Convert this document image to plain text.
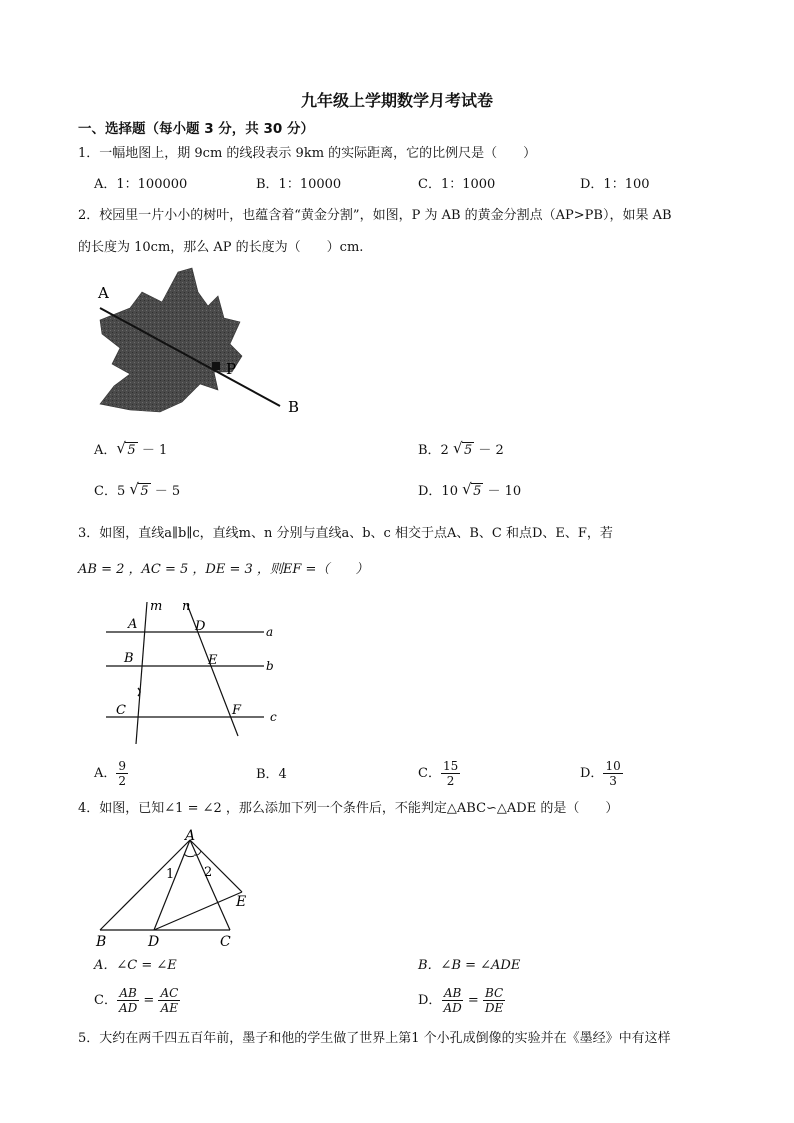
九年级上学期数学月考试卷
一、选择题（每小题 3 分，共 30 分）
1．一幅地图上，期 9cm 的线段表示 9km 的实际距离，它的比例尺是（　　）
A．1：100000	B．1：10000	C．1：1000	D．1：100
2．校园里一片小小的树叶，也蕴含着“黄金分割”，如图，P 为 AB 的黄金分割点（AP>PB），如果 AB
的长度为 10cm，那么 AP 的长度为（　　）cm.
A
P
B
A． √ 5 － 1	B．2 √ 5 － 2
C．5 √ 5 － 5	D．10 √ 5 － 10
3．如图，直线a∥b∥c，直线m、n 分别与直线a、b、c 相交于点A、B、C 和点D、E、F，若
AB = 2 ，AC = 5 ，DE = 3 ，则EF =（　　）
m n
A	D	a
B	E	b
C	F c
A． $\frac{9}{2}$	B．4	C． $\frac{15}{2}$	D． $\frac{10}{3}$
4．如图，已知∠1 = ∠2 ，那么添加下列一个条件后，不能判定△ABC∽△ADE 的是（　　）
A
B	D	C
E
1 2
A．∠C = ∠E	B．∠B = ∠ADE
C． $\frac{AB}{AD} = \frac{AC}{AE}$	D． $\frac{AB}{AD} = \frac{BC}{DE}$
5．大约在两千四五百年前，墨子和他的学生做了世界上第1 个小孔成倒像的实验并在《墨经》中有这样
